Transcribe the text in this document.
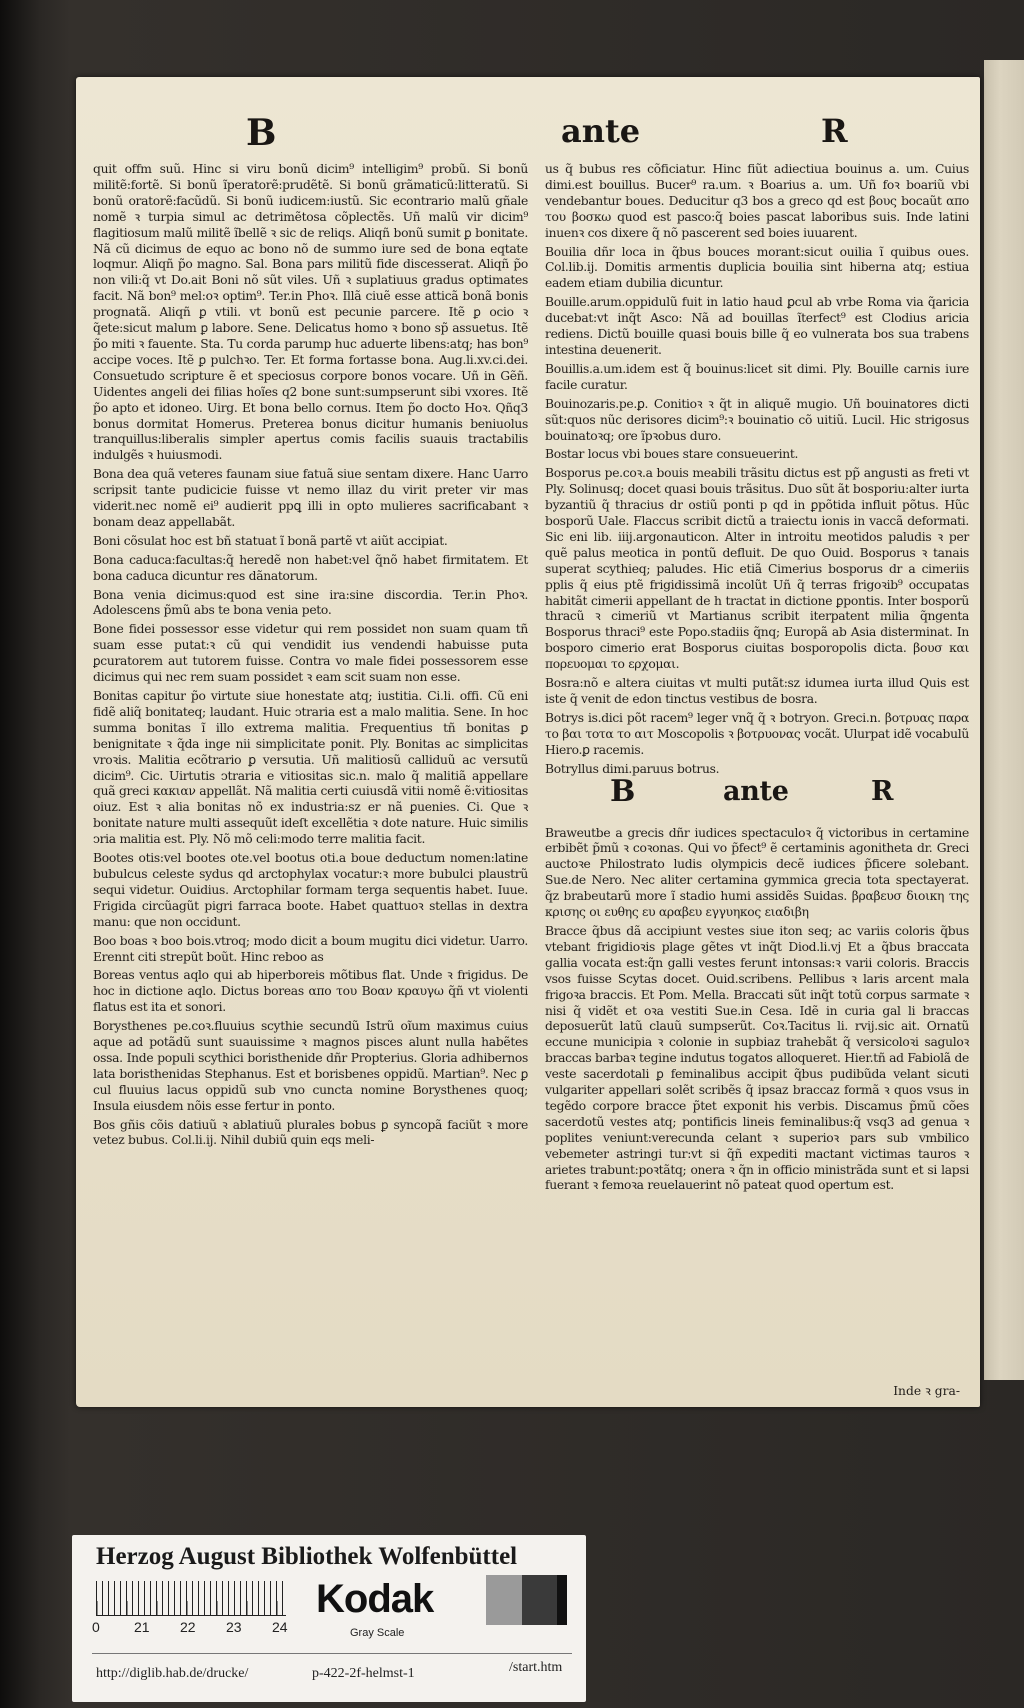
B	ante	R

quit offm suũ. Hinc si viru bonũ dicim⁹ intelligim⁹ probũ. Si bonũ militẽ:fortẽ. Si bonũ ĩperatorẽ:prudẽtẽ. Si bonũ grãmaticũ:litteratũ. Si bonũ oratorẽ:facũdũ. Si bonũ iudicem:iustũ. Sic econtrario malũ gñale nomẽ ꝛ turpia simul ac detrimẽtosa cõplectẽs. Uñ malũ vir dicim⁹ flagitiosum malũ militẽ ĩbellẽ ꝛ sic de reliqs. Aliqñ bonũ sumit ꝑ bonitate. Nã cũ dicimus de equo ac bono nõ de summo iure sed de bona eqtate loqmur. Aliqñ p̃o magno. Sal. Bona pars militũ fide discesserat. Aliqñ p̃o non vili:q̃ vt Do.ait Boni nõ sũt viles. Uñ ꝛ suplatiuus gradus optimates facit. Nã bon⁹ mel:oꝛ optim⁹. Ter.in Phoꝛ. Illã ciuẽ esse atticã bonã bonis prognatã. Aliqñ ꝑ vtili. vt bonũ est pecunie parcere. Itẽ ꝑ ocio ꝛ q̃ete:sicut malum ꝑ labore. Sene. Delicatus homo ꝛ bono sp̃ assuetus. Itẽ p̃o miti ꝛ fauente. Sta. Tu corda parump huc aduerte libens:atq; has bon⁹ accipe voces. Itẽ ꝑ pulchꝛo. Ter. Et forma fortasse bona. Aug.li.xv.ci.dei. Consuetudo scripture ẽ et speciosus corpore bonos vocare. Uñ in Gẽñ. Uidentes angeli dei filias hoĩes q2 bone sunt:sumpserunt sibi vxores. Itẽ p̃o apto et idoneo. Uirg. Et bona bello cornus. Item p̃o docto Hoꝛ. Qñq3 bonus dormitat Homerus. Preterea bonus dicitur humanis beniuolus tranquillus:liberalis simpler apertus comis facilis suauis tractabilis indulgẽs ꝛ huiusmodi.

Bona dea quã veteres faunam siue fatuã siue sentam dixere. Hanc Uarro scripsit tante pudicicie fuisse vt nemo illaz du virit preter vir mas viderit.nec nomẽ ei⁹ audierit ppꝗ illi in opto mulieres sacrificabant ꝛ bonam deaz appellabãt.

Boni cõsulat hoc est bñ statuat ĩ bonã partẽ vt aiũt accipiat.

Bona caduca:facultas:q̃ heredẽ non habet:vel q̃nõ habet firmitatem. Et bona caduca dicuntur res dãnatorum.

Bona venia dicimus:quod est sine ira:sine discordia. Ter.in Phoꝛ. Adolescens p̃mũ abs te bona venia peto.

Bone fidei possessor esse videtur qui rem possidet non suam quam tñ suam esse putat:ꝛ cũ qui vendidit ius vendendi habuisse puta ꝑcuratorem aut tutorem fuisse. Contra vo male fidei possessorem esse dicimus qui nec rem suam possidet ꝛ eam scit suam non esse.

Bonitas capitur p̃o virtute siue honestate atq; iustitia. Ci.li. offi. Cũ eni fidẽ aliq̃ bonitateq; laudant. Huic ↄtraria est a malo malitia. Sene. In hoc summa bonitas ĩ illo extrema malitia. Frequentius tñ bonitas ꝑ benignitate ꝛ q̃da inge nii simplicitate ponit. Ply. Bonitas ac simplicitas vroꝛis. Malitia ecõtrario ꝑ versutia. Uñ malitiosũ calliduũ ac versutũ dicim⁹. Cic. Uirtutis ↄtraria e vitiositas sic.n. malo q̃ malitiã appellare quã greci κακιαν appellãt. Nã malitia certi cuiusdã vitii nomẽ ẽ:vitiositas oiuz. Est ꝛ alia bonitas nõ ex industria:sz er nã ꝑuenies. Ci. Que ꝛ bonitate nature multi assequũt ideſt excellẽtia ꝛ dote nature. Huic similis ↄria malitia est. Ply. Nõ mõ celi:modo terre malitia facit.

Bootes otis:vel bootes ote.vel bootus oti.a boue deductum nomen:latine bubulcus celeste sydus qd arctophylax vocatur:ꝛ more bubulci plaustrũ sequi videtur. Ouidius. Arctophilar formam terga sequentis habet. Iuue. Frigida circũagũt pigri farraca boote. Habet quattuoꝛ stellas in dextra manu: que non occidunt.

Boo boas ꝛ boo bois.vtroq; modo dicit a boum mugitu dici videtur. Uarro. Erennt citi strepũt boũt. Hinc reboo as

Boreas ventus aqlo qui ab hiperboreis mõtibus flat. Unde ꝛ frigidus. De hoc in dictione aqlo. Dictus boreas απο του Βοαν κραυγω q̃ñ vt violenti flatus est ita et sonori.

Borysthenes pe.coꝛ.fluuius scythie secundũ Istrũ oĩum maximus cuius aque ad potãdũ sunt suauissime ꝛ magnos pisces alunt nulla habẽtes ossa. Inde populi scythici boristhenide dñr Propterius. Gloria adhibernos lata boristhenidas Stephanus. Est et borisbenes oppidũ. Martian⁹. Nec ꝑ cul fluuius lacus oppidũ sub vno cuncta nomine Borysthenes quoq; Insula eiusdem nõis esse fertur in ponto.

Bos gñis cõis datiuũ ꝛ ablatiuũ plurales bobus ꝑ syncopã faciũt ꝛ more vetez bubus. Col.li.ij. Nihil dubiũ quin eqs meli-

us q̃ bubus res cõficiatur. Hinc fiũt adiectiua bouinus a. um. Cuius dimi.est bouillus. Bucer⁹ ra.um. ꝛ Boarius a. um. Uñ foꝛ boariũ vbi vendebantur boues. Deducitur q3 bos a greco qd est βους bocaũt απο του βοσκω quod est pasco:q̃ boies pascat laboribus suis. Inde latini inuenꝛ cos dixere q̃ nõ pascerent sed boies iuuarent.

Bouilia dñr loca in q̃bus bouces morant:sicut ouilia ĩ quibus oues. Col.lib.ij. Domitis armentis duplicia bouilia sint hiberna atq; estiua eadem etiam dubilia dicuntur.

Bouille.arum.oppidulũ fuit in latio haud ꝑcul ab vrbe Roma via q̃aricia ducebat:vt inq̃t Asco: Nã ad bouillas ĩterfect⁹ est Clodius aricia rediens. Dictũ bouille quasi bouis bille q̃ eo vulnerata bos sua trabens intestina deuenerit.

Bouillis.a.um.idem est q̃ bouinus:licet sit dimi. Ply. Bouille carnis iure facile curatur.

Bouinozaris.pe.ꝑ. Conitioꝛ ꝛ q̃t in aliquẽ mugio. Uñ bouinatores dicti sũt:quos nũc derisores dicim⁹:ꝛ bouinatio cõ uitiũ. Lucil. Hic strigosus bouinatoꝛq; ore ĩpꝛobus duro.

Bostar locus vbi boues stare consueuerint.

Bosporus pe.coꝛ.a bouis meabili trãsitu dictus est pp̃ angusti as freti vt Ply. Solinusq; docet quasi bouis trãsitus. Duo sũt ãt bosporiu:alter iurta byzantiũ q̃ thracius dr ostiũ ponti p qd in ꝑpõtida influit põtus. Hũc bosporũ Uale. Flaccus scribit dictũ a traiectu ionis in vaccã deformati. Sic eni lib. iiij.argonauticon. Alter in introitu meotidos paludis ꝛ per quẽ palus meotica in pontũ defluit. De quo Ouid. Bosporus ꝛ tanais superat scythieq; paludes. Hic etiã Cimerius bosporus dr a cimeriis pplis q̃ eius ptẽ frigidissimã incolũt Uñ q̃ terras frigoꝛib⁹ occupatas habitãt cimerii appellant de h tractat in dictione ꝑpontis. Inter bosporũ thracũ ꝛ cimeriũ vt Martianus scribit iterpatent milia q̃ngenta Bosporus thraci⁹ este Popo.stadiis q̃nq; Europã ab Asia disterminat. In bosporo cimerio erat Bosporus ciuitas bosporopolis dicta. βουσ και πορευομαι το ερχομαι.

Bosra:nõ e altera ciuitas vt multi putãt:sz idumea iurta illud Quis est iste q̃ venit de edon tinctus vestibus de bosra.

Botrys is.dici põt racem⁹ leger vnq̃ q̃ ꝛ botryon. Greci.n. βοτρυας παρα το βαι τοτα το αιτ Moscopolis ꝛ βοτρυονας vocãt. Ulurpat idẽ vocabulũ Hiero.ꝑ racemis.

Botryllus dimi.paruus botrus.

B	ante	R

Braweutbe a grecis dñr iudices spectaculoꝛ q̃ victoribus in certamine erbibẽt p̃mũ ꝛ coꝛonas. Qui vo p̃fect⁹ ẽ certaminis agonitheta dr. Greci auctoꝛe Philostrato ludis olympicis decẽ iudices p̃ficere solebant. Sue.de Nero. Nec aliter certamina gymmica grecia tota spectayerat. q̃z brabeutarũ more ĩ stadio humi assidẽs Suidas. βραβευσ διοικη της κρισης οι ευθης ευ αραβευ εγγυηκος ειαδιβη

Bracce q̃bus dã accipiunt vestes siue iton seq; ac variis coloris q̃bus vtebant frigidioꝛis plage gẽtes vt inq̃t Diod.li.vj Et a q̃bus braccata gallia vocata est:q̃n galli vestes ferunt intonsas:ꝛ varii coloris. Braccis vsos fuisse Scytas docet. Ouid.scribens. Pellibus ꝛ laris arcent mala frigoꝛa braccis. Et Pom. Mella. Braccati sũt inq̃t totũ corpus sarmate ꝛ nisi q̃ vidẽt et oꝛa vestiti Sue.in Cesa. Idẽ in curia gal li braccas deposuerũt latũ clauũ sumpserũt. Coꝛ.Tacitus li. rvij.sic ait. Ornatũ eccune municipia ꝛ colonie in supbiaz trahebãt q̃ versicoloꝛi saguloꝛ braccas barbaꝛ tegine indutus togatos alloqueret. Hier.tñ ad Fabiolã de veste sacerdotali ꝑ feminalibus accipit q̃bus pudibũda velant sicuti vulgariter appellari solẽt scribẽs q̃ ipsaz braccaz formã ꝛ quos vsus in tegẽdo corpore bracce p̃tet exponit his verbis. Discamus p̃mũ cões sacerdotũ vestes atq; pontificis lineis feminalibus:q̃ vsq3 ad genua ꝛ poplites veniunt:verecunda celant ꝛ superioꝛ pars sub vmbilico vebemeter astringi tur:vt si q̃ñ expediti mactant victimas tauros ꝛ arietes trabunt:poꝛtãtq; onera ꝛ q̃n in officio ministrãda sunt et si lapsi fuerant ꝛ femoꝛa reuelauerint nõ pateat quod opertum est.

Inde ꝛ gra-
Herzog August Bibliothek Wolfenbüttel
0 21 22 23 24
Kodak
Gray Scale
http://diglib.hab.de/drucke/	p-422-2f-helmst-1	/start.htm
